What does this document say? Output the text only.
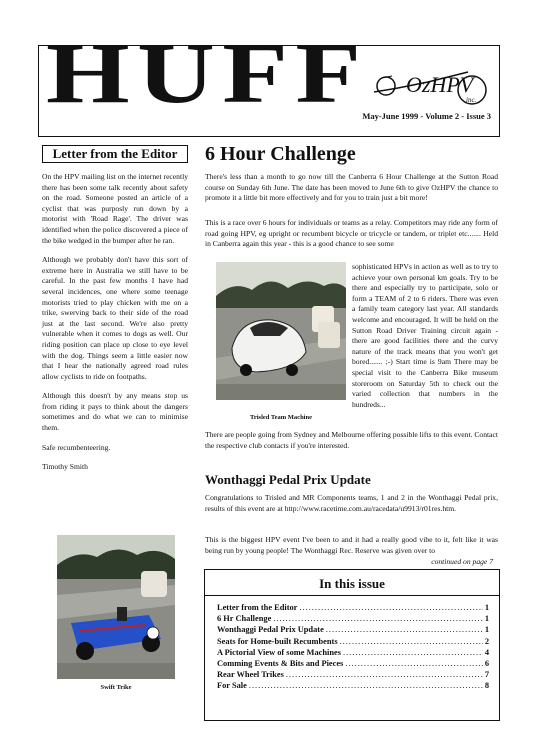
HUFF OzHPV
inc.
May-June 1999 - Volume 2 - Issue 3
Letter from the Editor

On the HPV mailing list on the internet recently there has been some talk recently about safety on the road. Someone posted an article of a cyclist that was purposly run down by a motorist with 'Road Rage'. The driver was identified when the police discovered a piece of the bike wedged in the bumper after he ran.

Although we probably don't have this sort of extreme here in Australia we still have to be careful. In the past few months I have had several incidences, one where some teenage motorists tried to play chicken with me on a trike, swerving back to their side of the road just at the last second. We're also pretty vulnerable when it comes to dogs as well. Our riding position can place up close to eye level with the dog. Things seem a little easier now that I hear the nationally agreed road rules allow cyclists to ride on footpaths.

Although this doesn't by any means stop us from riding it pays to think about the dangers sometimes and do what we can to minimise them.

Safe recumbenteering.

Timothy Smith

Swift Trike
6 Hour Challenge
There's less than a month to go now till the Canberra 6 Hour Challenge at the Sutton Road course on Sunday 6th June. The date has been moved to June 6th to give OzHPV the chance to promote it a little bit more effectively and for you to train just a bit more!
This is a race over 6 hours for individuals or teams as a relay. Competitors may ride any form of road going HPV, eg upright or recumbent bicycle or tricycle or tandem, or triplet etc....... Held in Canberra again this year - this is a good chance to see some
Trisled Team Machine
sophisticated HPVs in action as well as to try to achieve your own personal km goals. Try to be there and especially try to participate, solo or form a TEAM of 2 to 6 riders. There was even a family team category last year. All standards welcome and encouraged. It will be held on the Sutton Road Driver Training circuit again - there are good facilities there and the curvy nature of the track means that you won't get bored....... ;-) Start time is 9am There may be special visit to the Canberra Bike museum storeroom on Saturday 5th to check out the varied collection that numbers in the hundreds...
There are people going from Sydney and Melbourne offering possible lifts to this event. Contact the respective club contacts if you're interested.
Wonthaggi Pedal Prix Update
Congratulations to Trisled and MR Components teams, 1 and 2 in the Wonthaggi Pedal prix, results of this event are at http://www.racetime.com.au/racedata/u9913/r01res.htm.
This is the biggest HPV event I've been to and it had a really good vibe to it, felt like it was being run by young people! The Wonthaggi Rec. Reserve was given over to
continued on page 7
In this issue
Letter from the Editor .....	1
6 Hr Challenge .....	1
Wonthaggi Pedal Prix Update .....	1
Seats for Home-built Recumbents .....	2
A Pictorial View of some Machines .....	4
Comming Events & Bits and Pieces .....	6
Rear Wheel Trikes .....	7
For Sale .....	8
